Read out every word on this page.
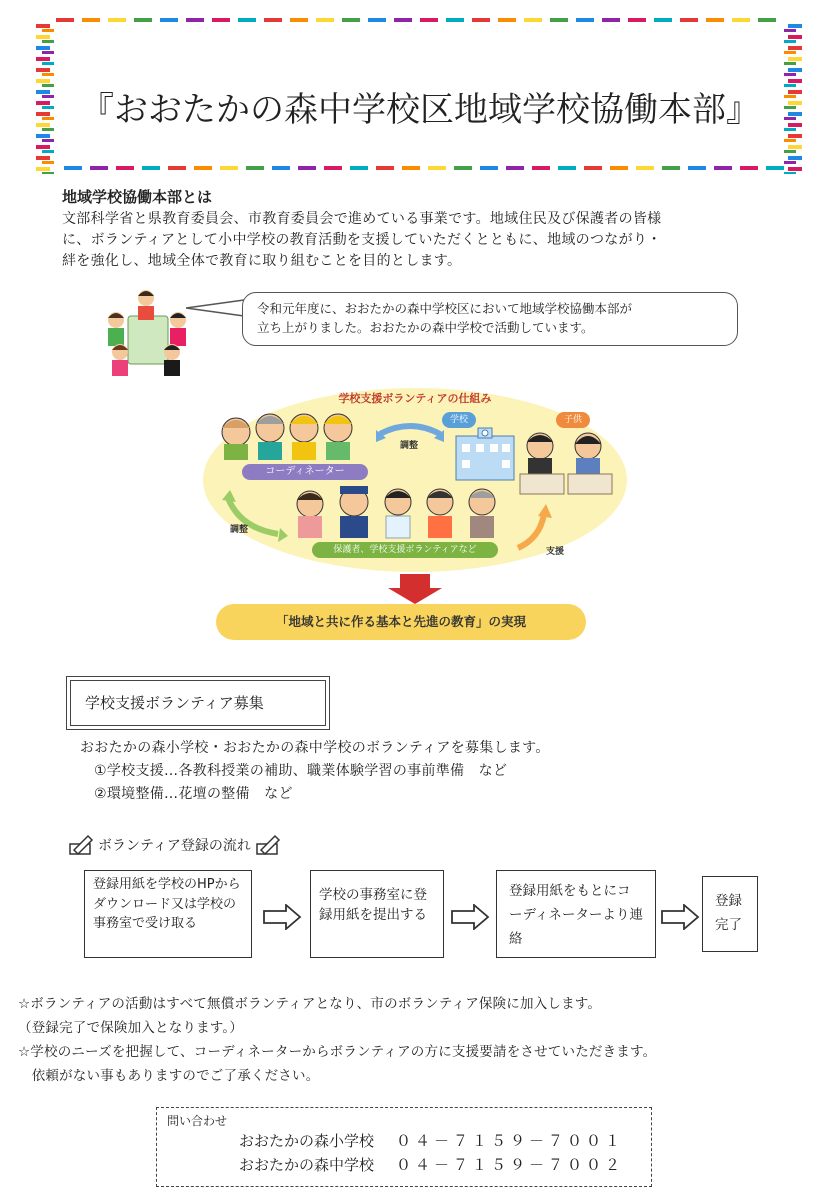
『おおたかの森中学校区地域学校協働本部』
地域学校協働本部とは
文部科学省と県教育委員会、市教育委員会で進めている事業です。地域住民及び保護者の皆様
に、ボランティアとして小中学校の教育活動を支援していただくとともに、地域のつながり・
絆を強化し、地域全体で教育に取り組むことを目的とします。
令和元年度に、おおたかの森中学校区において地域学校協働本部が
立ち上がりました。おおたかの森中学校で活動しています。
学校支援ボランティアの仕組み
コーディネーター
保護者、学校支援ボランティアなど
学校	子供
調整
調整
支援
「地域と共に作る基本と先進の教育」の実現
学校支援ボランティア募集
おおたかの森小学校・おおたかの森中学校のボランティアを募集します。
①学校支援…各教科授業の補助、職業体験学習の事前準備　など
②環境整備…花壇の整備　など
ボランティア登録の流れ
登録用紙を学校のHPからダウンロード又は学校の事務室で受け取る
学校の事務室に登録用紙を提出する
登録用紙をもとにコーディネーターより連絡
登録完了
☆ボランティアの活動はすべて無償ボランティアとなり、市のボランティア保険に加入します。
（登録完了で保険加入となります。）
☆学校のニーズを把握して、コーディネーターからボランティアの方に支援要請をさせていただきます。
　依頼がない事もありますのでご了承ください。
問い合わせ
おおたかの森小学校 ０４－７１５９－７００１
おおたかの森中学校 ０４－７１５９－７００２
